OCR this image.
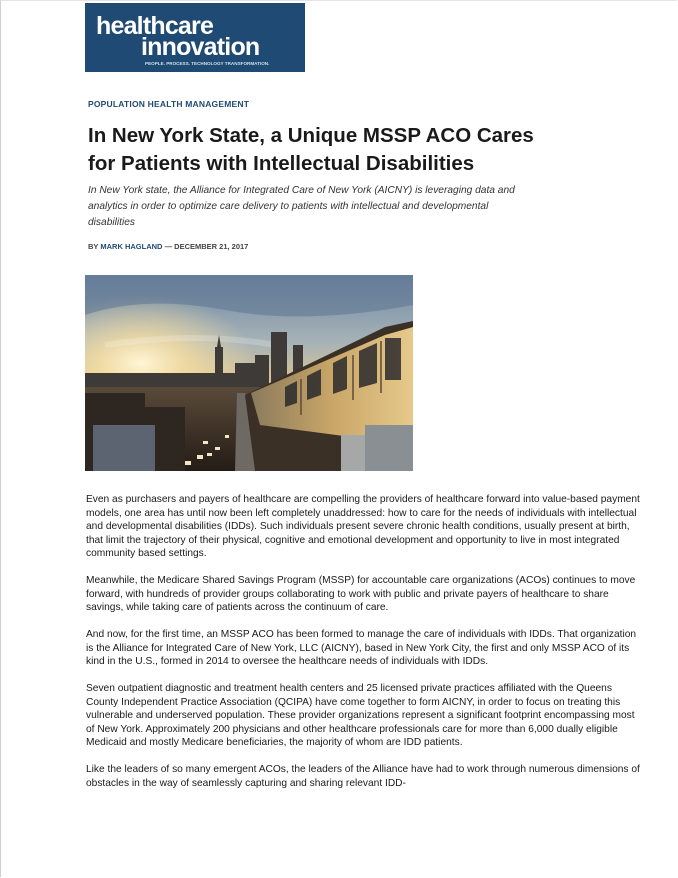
healthcare
innovation
PEOPLE. PROCESS. TECHNOLOGY TRANSFORMATION.
POPULATION HEALTH MANAGEMENT
In New York State, a Unique MSSP ACO Cares
for Patients with Intellectual Disabilities

In New York state, the Alliance for Integrated Care of New York (AICNY) is leveraging data and
analytics in order to optimize care delivery to patients with intellectual and developmental
disabilities

BY MARK HAGLAND — DECEMBER 21, 2017

Even as purchasers and payers of healthcare are compelling the providers of healthcare forward into value-based payment models, one area has until now been left completely unaddressed: how to care for the needs of individuals with intellectual and developmental disabilities (IDDs). Such individuals present severe chronic health conditions, usually present at birth, that limit the trajectory of their physical, cognitive and emotional development and opportunity to live in most integrated community based settings.

Meanwhile, the Medicare Shared Savings Program (MSSP) for accountable care organizations (ACOs) continues to move forward, with hundreds of provider groups collaborating to work with public and private payers of healthcare to share savings, while taking care of patients across the continuum of care.

And now, for the first time, an MSSP ACO has been formed to manage the care of individuals with IDDs. That organization is the Alliance for Integrated Care of New York, LLC (AICNY), based in New York City, the first and only MSSP ACO of its kind in the U.S., formed in 2014 to oversee the healthcare needs of individuals with IDDs.

Seven outpatient diagnostic and treatment health centers and 25 licensed private practices affiliated with the Queens County Independent Practice Association (QCIPA) have come together to form AICNY, in order to focus on treating this vulnerable and underserved population. These provider organizations represent a significant footprint encompassing most of New York. Approximately 200 physicians and other healthcare professionals care for more than 6,000 dually eligible Medicaid and mostly Medicare beneficiaries, the majority of whom are IDD patients.

Like the leaders of so many emergent ACOs, the leaders of the Alliance have had to work through numerous dimensions of obstacles in the way of seamlessly capturing and sharing relevant IDD-
